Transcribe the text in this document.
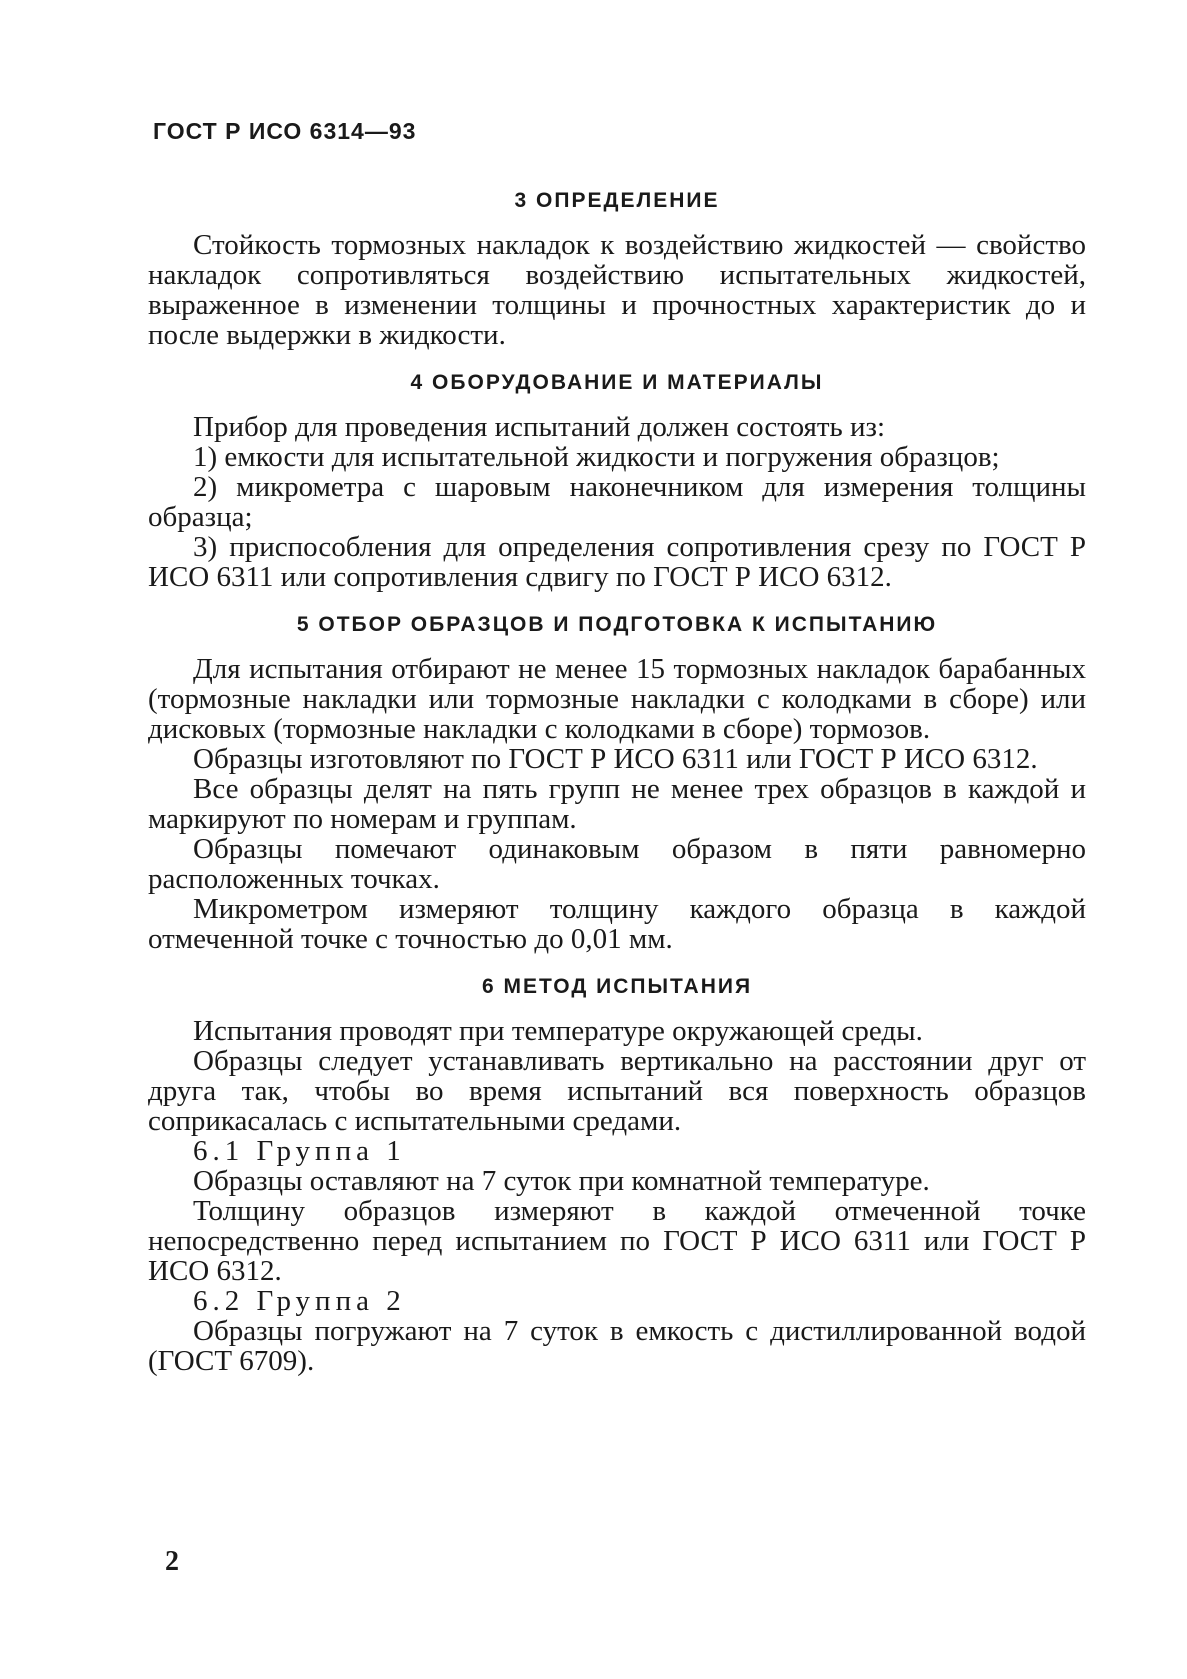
ГОСТ Р ИСО 6314—93
3 ОПРЕДЕЛЕНИЕ

Стойкость тормозных накладок к воздействию жидкостей — свойство накладок сопротивляться воздействию испытательных жидкостей, выраженное в изменении толщины и прочностных характеристик до и после выдержки в жидкости.

4 ОБОРУДОВАНИЕ И МАТЕРИАЛЫ

Прибор для проведения испытаний должен состоять из:

1) емкости для испытательной жидкости и погружения образцов;

2) микрометра с шаровым наконечником для измерения толщины образца;

3) приспособления для определения сопротивления срезу по ГОСТ Р ИСО 6311 или сопротивления сдвигу по ГОСТ Р ИСО 6312.

5 ОТБОР ОБРАЗЦОВ И ПОДГОТОВКА К ИСПЫТАНИЮ

Для испытания отбирают не менее 15 тормозных накладок барабанных (тормозные накладки или тормозные накладки с колодками в сборе) или дисковых (тормозные накладки с колодками в сборе) тормозов.

Образцы изготовляют по ГОСТ Р ИСО 6311 или ГОСТ Р ИСО 6312.

Все образцы делят на пять групп не менее трех образцов в каждой и маркируют по номерам и группам.

Образцы помечают одинаковым образом в пяти равномерно расположенных точках.

Микрометром измеряют толщину каждого образца в каждой отмеченной точке с точностью до 0,01 мм.

6 МЕТОД ИСПЫТАНИЯ

Испытания проводят при температуре окружающей среды.

Образцы следует устанавливать вертикально на расстоянии друг от друга так, чтобы во время испытаний вся поверхность образцов соприкасалась с испытательными средами.

6.1 Группа 1

Образцы оставляют на 7 суток при комнатной температуре.

Толщину образцов измеряют в каждой отмеченной точке непосредственно перед испытанием по ГОСТ Р ИСО 6311 или ГОСТ Р ИСО 6312.

6.2 Группа 2

Образцы погружают на 7 суток в емкость с дистиллированной водой (ГОСТ 6709).

2
